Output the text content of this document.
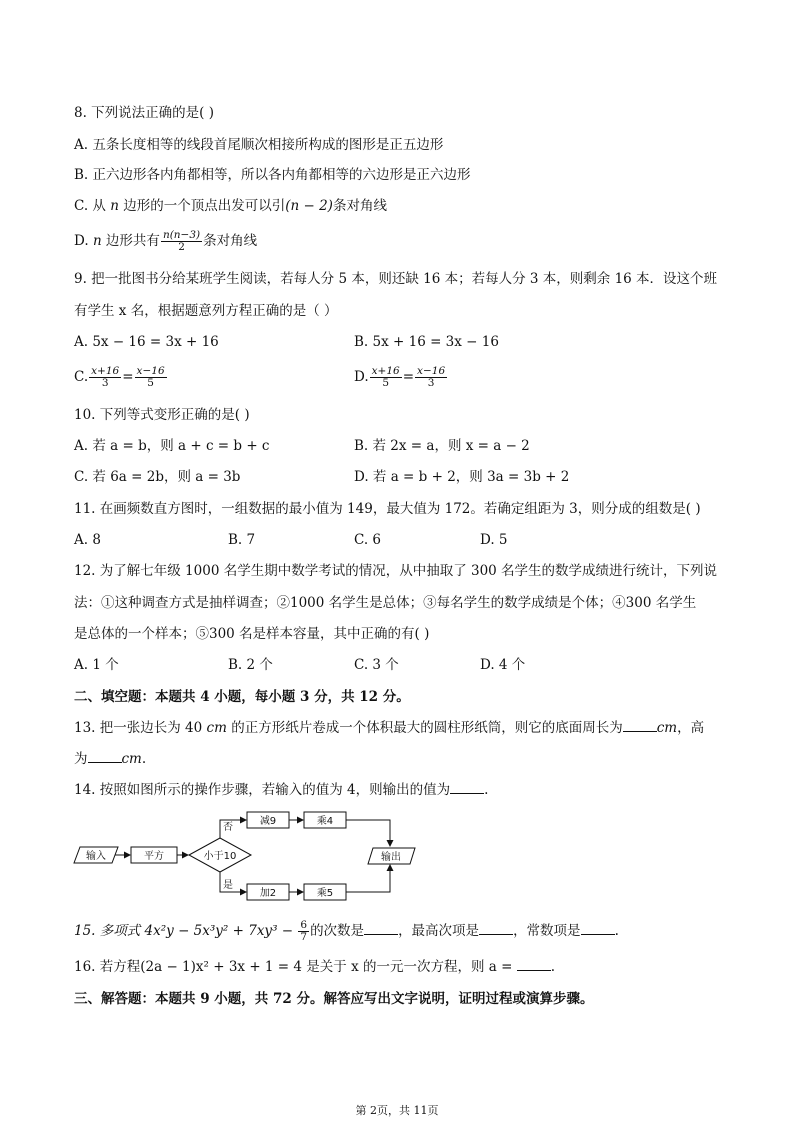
8. 下列说法正确的是( )
A. 五条长度相等的线段首尾顺次相接所构成的图形是正五边形
B. 正六边形各内角都相等，所以各内角都相等的六边形是正六边形
C. 从 n 边形的一个顶点出发可以引(n − 2)条对角线
D. n 边形共有 $\frac{n(n-3)}{2}$ 条对角线
9. 把一批图书分给某班学生阅读，若每人分 5 本，则还缺 16 本；若每人分 3 本，则剩余 16 本．设这个班
有学生 x 名，根据题意列方程正确的是（ ）
A. 5x − 16 = 3x + 16	B. 5x + 16 = 3x − 16
C. $\frac{x+16}{3} = \frac{x-16}{5}$	D. $\frac{x+16}{5} = \frac{x-16}{3}$
10. 下列等式变形正确的是( )
A. 若 a = b，则 a + c = b + c	B. 若 2x = a，则 x = a − 2
C. 若 6a = 2b，则 a = 3b	D. 若 a = b + 2，则 3a = 3b + 2
11. 在画频数直方图时，一组数据的最小值为 149，最大值为 172。若确定组距为 3，则分成的组数是( )
A. 8	B. 7	C. 6	D. 5
12. 为了解七年级 1000 名学生期中数学考试的情况，从中抽取了 300 名学生的数学成绩进行统计，下列说
法：①这种调查方式是抽样调查；②1000 名学生是总体；③每名学生的数学成绩是个体；④300 名学生
是总体的一个样本；⑤300 名是样本容量，其中正确的有( )
A. 1 个	B. 2 个	C. 3 个	D. 4 个
二、填空题：本题共 4 小题，每小题 3 分，共 12 分。
13. 把一张边长为 40 cm 的正方形纸片卷成一个体积最大的圆柱形纸筒，则它的底面周长为	cm，高
为	cm.
14. 按照如图所示的操作步骤，若输入的值为 4，则输出的值为	.
输入	平方	小于10
否
是
减9	乘4
加2	乘5
输出
15. 多项式 $4x^2y - 5x^3y^2 + 7xy^3 - \frac{6}{7}$ 的次数是	，最高次项是	，常数项是	.
16. 若方程(2a − 1)x² + 3x + 1 = 4 是关于 x 的一元一次方程，则 a =	.
三、解答题：本题共 9 小题，共 72 分。解答应写出文字说明，证明过程或演算步骤。
第 2页，共 11页
